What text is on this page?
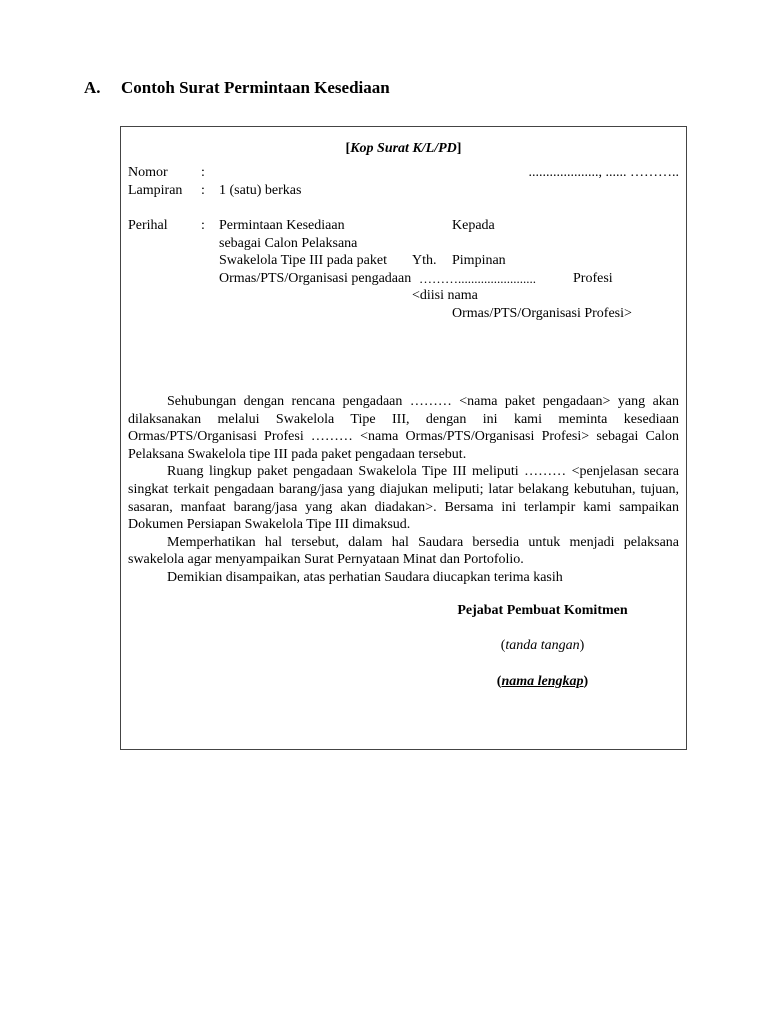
A. Contoh Surat Permintaan Kesediaan
[Kop Surat K/L/PD]
Nomor :	...................., ...... ………..
Lampiran : 1 (satu) berkas
Perihal : Permintaan Kesediaan
sebagai Calon Pelaksana
Swakelola Tipe III pada paket
Ormas/PTS/Organisasi pengadaan
Kepada
Yth. Pimpinan
………........................	Profesi
<diisi nama
Ormas/PTS/Organisasi Profesi>

Sehubungan dengan rencana pengadaan ……… <nama paket pengadaan> yang akan dilaksanakan melalui Swakelola Tipe III, dengan ini kami meminta kesediaan Ormas/PTS/Organisasi Profesi ……… <nama Ormas/PTS/Organisasi Profesi> sebagai Calon Pelaksana Swakelola tipe III pada paket pengadaan tersebut.

Ruang lingkup paket pengadaan Swakelola Tipe III meliputi ……… <penjelasan secara singkat terkait pengadaan barang/jasa yang diajukan meliputi; latar belakang kebutuhan, tujuan, sasaran, manfaat barang/jasa yang akan diadakan>. Bersama ini terlampir kami sampaikan Dokumen Persiapan Swakelola Tipe III dimaksud.

Memperhatikan hal tersebut, dalam hal Saudara bersedia untuk menjadi pelaksana swakelola agar menyampaikan Surat Pernyataan Minat dan Portofolio.

Demikian disampaikan, atas perhatian Saudara diucapkan terima kasih

Pejabat Pembuat Komitmen
(tanda tangan)
(nama lengkap)
